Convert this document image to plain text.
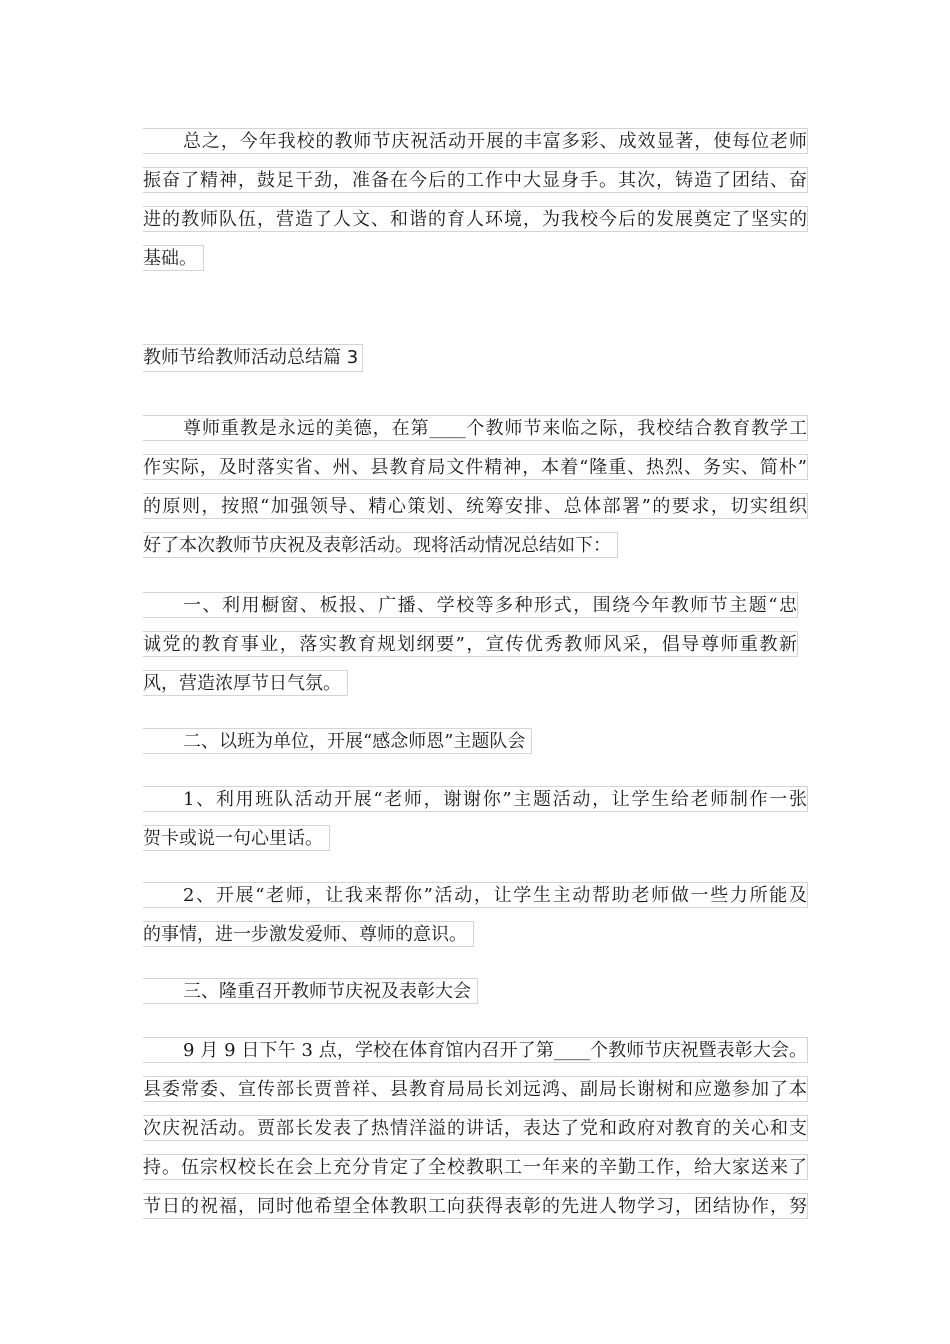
总之，今年我校的教师节庆祝活动开展的丰富多彩、成效显著，使每位老师
振奋了精神，鼓足干劲，准备在今后的工作中大显身手。其次，铸造了团结、奋
进的教师队伍，营造了人文、和谐的育人环境，为我校今后的发展奠定了坚实的
基础。
教师节给教师活动总结篇 3
尊师重教是永远的美德，在第____个教师节来临之际，我校结合教育教学工
作实际，及时落实省、州、县教育局文件精神，本着“隆重、热烈、务实、简朴”
的原则，按照“加强领导、精心策划、统筹安排、总体部署”的要求，切实组织
好了本次教师节庆祝及表彰活动。现将活动情况总结如下：
一、利用橱窗、板报、广播、学校等多种形式，围绕今年教师节主题“忠
诚党的教育事业，落实教育规划纲要”，宣传优秀教师风采，倡导尊师重教新
风，营造浓厚节日气氛。
二、以班为单位，开展“感念师恩”主题队会
1、利用班队活动开展“老师，谢谢你”主题活动，让学生给老师制作一张
贺卡或说一句心里话。
2、开展“老师，让我来帮你”活动，让学生主动帮助老师做一些力所能及
的事情，进一步激发爱师、尊师的意识。
三、隆重召开教师节庆祝及表彰大会
9 月 9 日下午 3 点，学校在体育馆内召开了第____个教师节庆祝暨表彰大会。
县委常委、宣传部长贾普祥、县教育局局长刘远鸿、副局长谢树和应邀参加了本
次庆祝活动。贾部长发表了热情洋溢的讲话，表达了党和政府对教育的关心和支
持。伍宗权校长在会上充分肯定了全校教职工一年来的辛勤工作，给大家送来了
节日的祝福，同时他希望全体教职工向获得表彰的先进人物学习，团结协作，努
